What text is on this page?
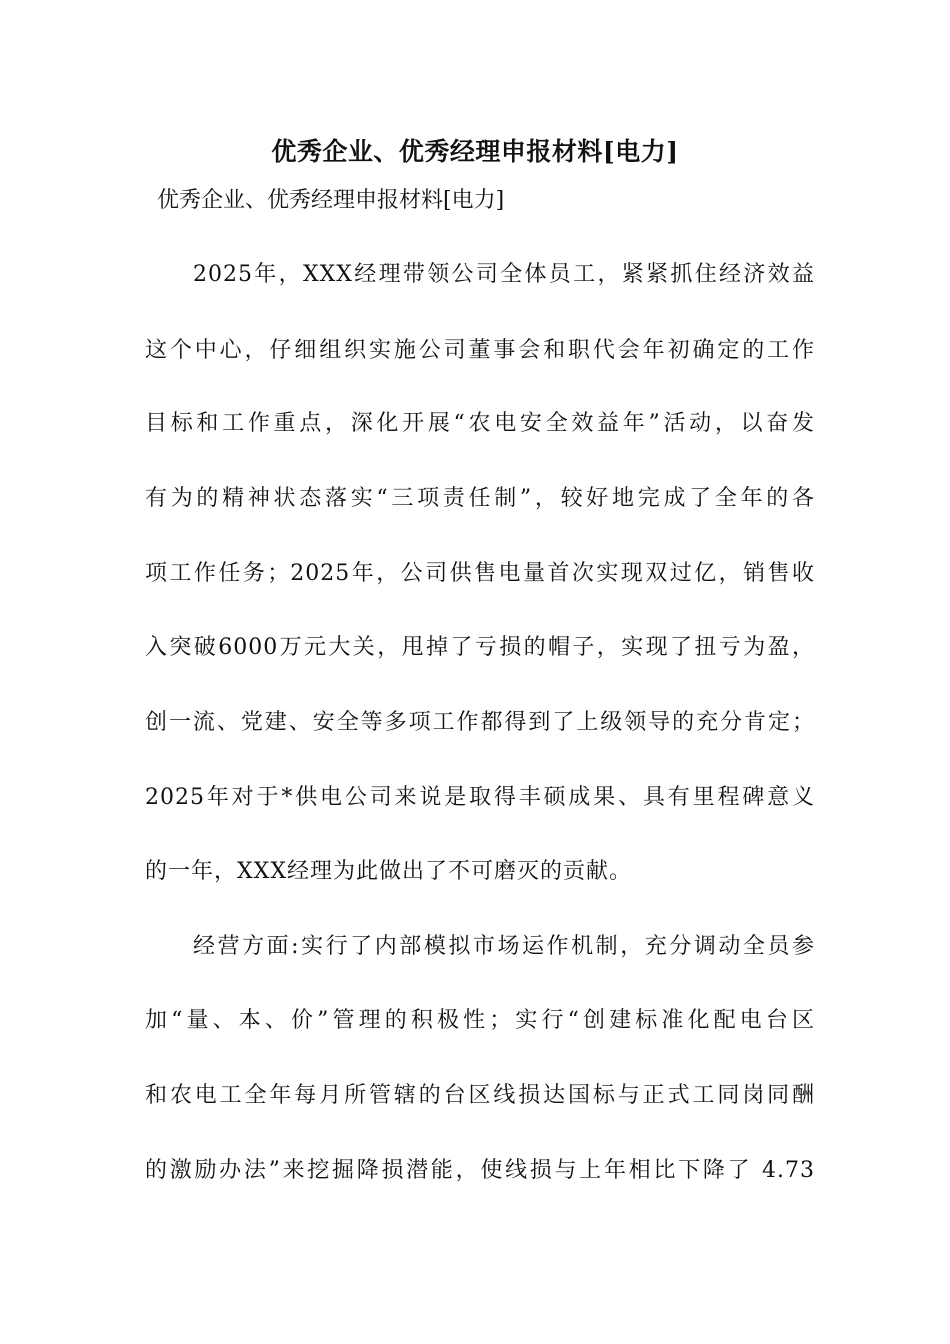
优秀企业、优秀经理申报材料[电力]
优秀企业、优秀经理申报材料[电力]
2025年，XXX经理带领公司全体员工，紧紧抓住经济效益
这个中心，仔细组织实施公司董事会和职代会年初确定的工作
目标和工作重点，深化开展“农电安全效益年”活动，以奋发
有为的精神状态落实“三项责任制”，较好地完成了全年的各
项工作任务；2025年，公司供售电量首次实现双过亿，销售收
入突破6000万元大关，甩掉了亏损的帽子，实现了扭亏为盈，
创一流、党建、安全等多项工作都得到了上级领导的充分肯定；
2025年对于*供电公司来说是取得丰硕成果、具有里程碑意义
的一年，XXX经理为此做出了不可磨灭的贡献。
经营方面:实行了内部模拟市场运作机制，充分调动全员参
加“量、本、价”管理的积极性；实行“创建标准化配电台区
和农电工全年每月所管辖的台区线损达国标与正式工同岗同酬
的激励办法”来挖掘降损潜能，使线损与上年相比下降了 4.73
